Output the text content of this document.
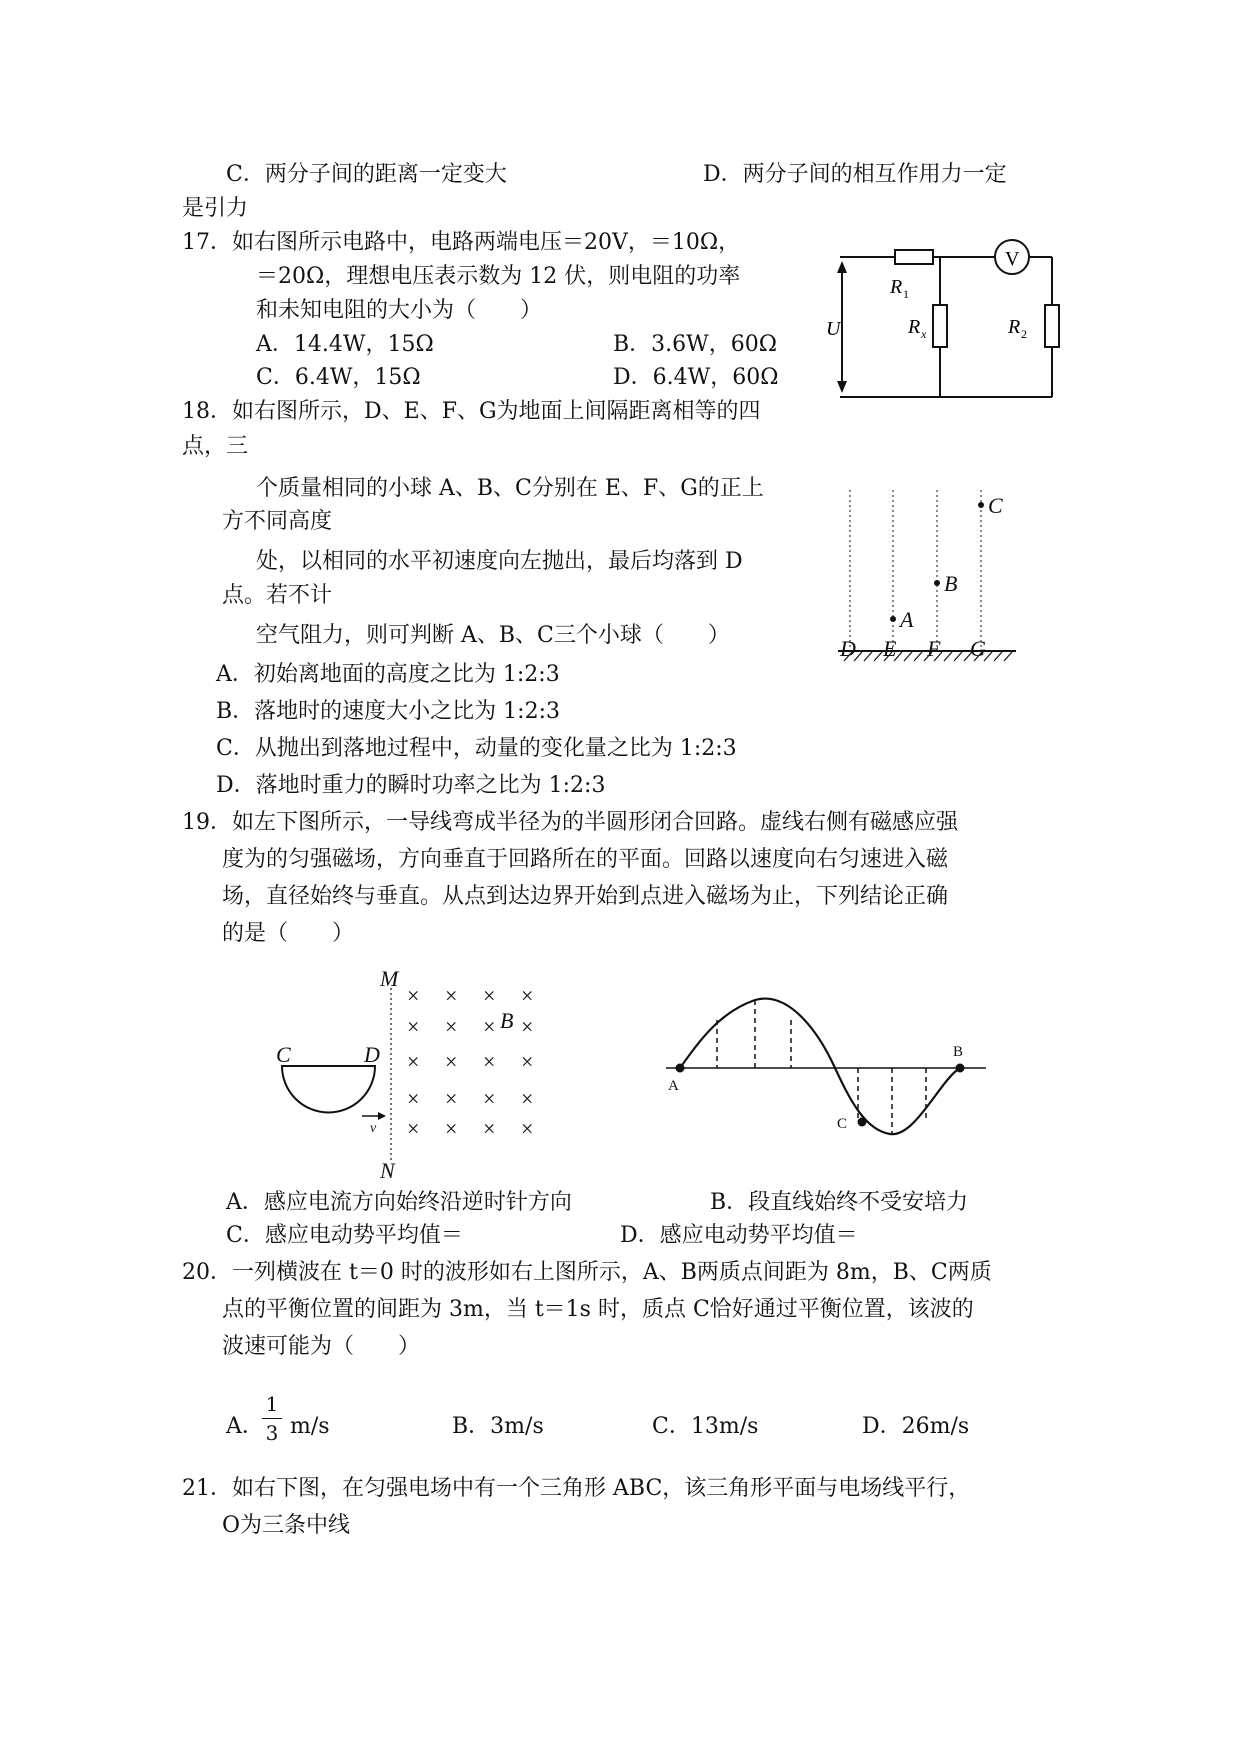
C．两分子间的距离一定变大	D．两分子间的相互作用力一定
是引力
17．如右图所示电路中，电路两端电压＝20V，＝10Ω，
＝20Ω，理想电压表示数为 12 伏，则电阻的功率
和未知电阻的大小为（　　）
A．14.4W，15Ω	B．3.6W，60Ω
C．6.4W，15Ω	D．6.4W，60Ω
U
V
R 1
R x	R 2
18．如右图所示，D、E、F、G为地面上间隔距离相等的四
点，三
个质量相同的小球 A、B、C分别在 E、F、G的正上
方不同高度
处，以相同的水平初速度向左抛出，最后均落到 D
点。若不计
空气阻力，则可判断 A、B、C三个小球（　　）
A．初始离地面的高度之比为 1:2:3
B．落地时的速度大小之比为 1:2:3
C．从抛出到落地过程中，动量的变化量之比为 1:2:3
D．落地时重力的瞬时功率之比为 1:2:3
A
B
C
D E F G
19．如左下图所示，一导线弯成半径为的半圆形闭合回路。虚线右侧有磁感应强
度为的匀强磁场，方向垂直于回路所在的平面。回路以速度向右匀速进入磁
场，直径始终与垂直。从点到达边界开始到点进入磁场为止，下列结论正确
的是（　　）
M
N
C	D
B
v
× × × ×
× × × ×
× × × ×
× × × ×
× × × ×
A
B
C
A．感应电流方向始终沿逆时针方向	B．段直线始终不受安培力
C．感应电动势平均值＝	D．感应电动势平均值＝
20．一列横波在 t＝0 时的波形如右上图所示，A、B两质点间距为 8m，B、C两质
点的平衡位置的间距为 3m，当 t＝1s 时，质点 C恰好通过平衡位置，该波的
波速可能为（　　）
A．
1
3 m/s	B．3m/s	C．13m/s	D．26m/s
21．如右下图，在匀强电场中有一个三角形 ABC，该三角形平面与电场线平行，
O为三条中线
